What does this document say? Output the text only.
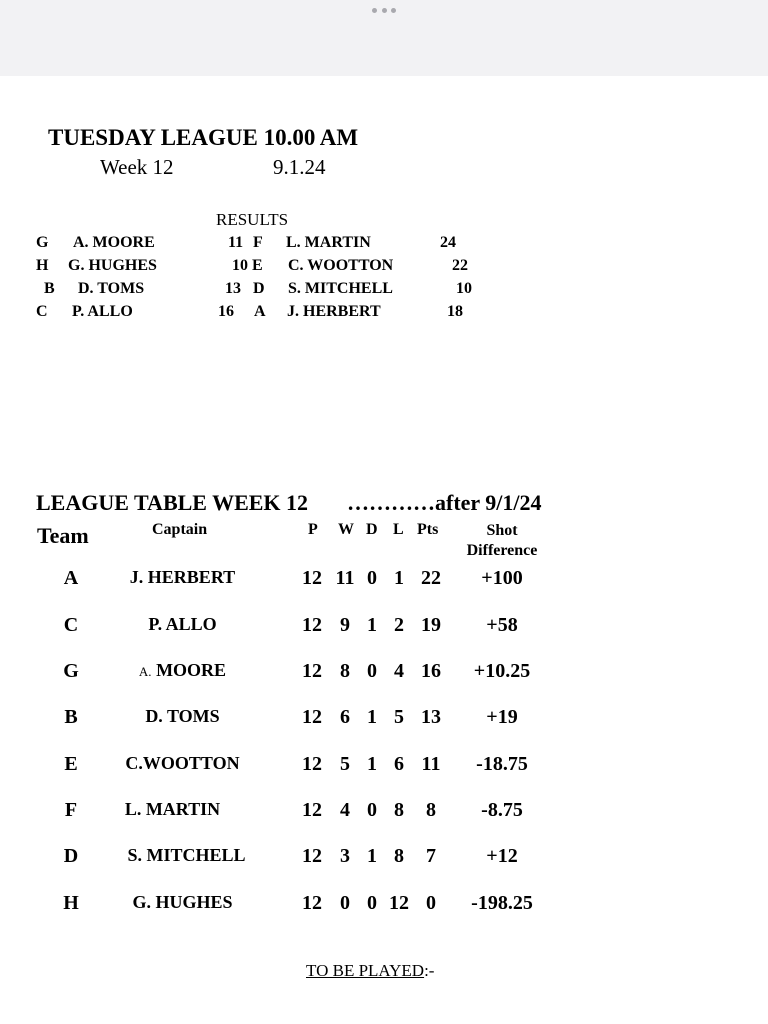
TUESDAY LEAGUE 10.00 AM
Week 12	9.1.24
RESULTS
G A. MOORE	11 F L. MARTIN	24
H G. HUGHES	10 E C. WOOTTON	22
B D. TOMS	13 D S. MITCHELL	10
C P. ALLO	16 A J. HERBERT	18
LEAGUE TABLE WEEK 12 …………after 9/1/24
Team	Captain	P W D L Pts	Shot
Difference
A	J. HERBERT	12 11 0 1 22	+100
C	P. ALLO	12 9 1 2 19	+58
G	A. MOORE	12 8 0 4 16	+10.25
B	D. TOMS	12 6 1 5 13	+19
E	C.WOOTTON	12 5 1 6 11	-18.75
F	L. MARTIN	12 4 0 8	8	-8.75
D	S. MITCHELL	12 3 1 8	7	+12
H	G. HUGHES	12 0 0 12 0	-198.25
TO BE PLAYED:-
